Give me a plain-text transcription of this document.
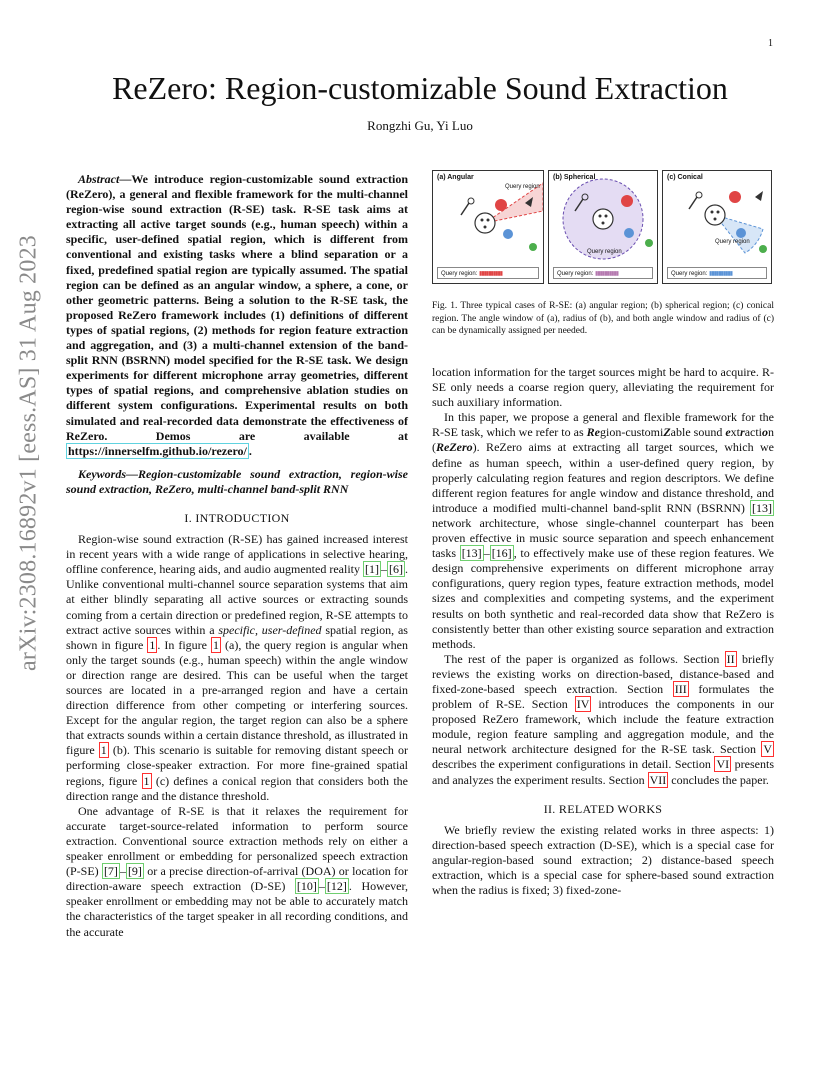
1
arXiv:2308.16892v1 [eess.AS] 31 Aug 2023
ReZero: Region-customizable Sound Extraction
Rongzhi Gu, Yi Luo

Abstract—We introduce region-customizable sound extraction (ReZero), a general and flexible framework for the multi-channel region-wise sound extraction (R-SE) task. R-SE task aims at extracting all active target sounds (e.g., human speech) within a specific, user-defined spatial region, which is different from conventional and existing tasks where a blind separation or a fixed, predefined spatial region are typically assumed. The spatial region can be defined as an angular window, a sphere, a cone, or other geometric patterns. Being a solution to the R-SE task, the proposed ReZero framework includes (1) definitions of different types of spatial regions, (2) methods for region feature extraction and aggregation, and (3) a multi-channel extension of the band-split RNN (BSRNN) model specified for the R-SE task. We design experiments for different microphone array geometries, different types of spatial regions, and comprehensive ablation studies on different system configurations. Experimental results on both simulated and real-recorded data demonstrate the effectiveness of ReZero. Demos are available at https://innerselfm.github.io/rezero/ .

Keywords—Region-customizable sound extraction, region-wise sound extraction, ReZero, multi-channel band-split RNN

I. INTRODUCTION

Region-wise sound extraction (R-SE) has gained increased interest in recent years with a wide range of applications in selective hearing, offline conference, hearing aids, and audio augmented reality [1] – [6] . Unlike conventional multi-channel source separation systems that aim at either blindly separating all active sources or extracting sounds coming from a certain direction or predefined region, R-SE attempts to extract active sources within a specific, user-defined spatial region, as shown in figure 1 . In figure 1 (a), the query region is angular when only the target sounds (e.g., human speech) within the angle window or direction range are desired. This can be useful when the target sources are located in a pre-arranged region and have a certain direction difference from other competing or interfering sources. Except for the angular region, the target region can also be a sphere that extracts sounds within a certain distance threshold, as illustrated in figure 1 (b). This scenario is suitable for removing distant speech or performing close-speaker extraction. For more fine-grained spatial regions, figure 1 (c) defines a conical region that considers both the direction range and the distance threshold.

One advantage of R-SE is that it relaxes the requirement for accurate target-source-related information to perform source extraction. Conventional source extraction methods rely on either a speaker enrollment or embedding for personalized speech extraction (P-SE) [7] – [9] or a precise direction-of-arrival (DOA) or location for direction-aware speech extraction (D-SE) [10] – [12] . However, speaker enrollment or embedding may not be able to accurately match the characteristics of the target speaker in all recording conditions, and the accurate

(a) Angular
Query region
Query region: ▮▮▮▮▮▮▮▮▮▮
(b) Spherical
Query region
Query region: ▮▮▮▮▮▮▮▮▮▮
(c) Conical
Query region
Query region: ▮▮▮▮▮▮▮▮▮▮
Fig. 1. Three typical cases of R-SE: (a) angular region; (b) spherical region; (c) conical region. The angle window of (a), radius of (b), and both angle window and radius of (c) can be dynamically assigned per needed.

location information for the target sources might be hard to acquire. R-SE only needs a coarse region query, alleviating the requirement for such auxiliary information.

In this paper, we propose a general and flexible framework for the R-SE task, which we refer to as Region-customiZable sound extraction (ReZero). ReZero aims at extracting all target sources, which we define as human speech, within a user-defined query region, by properly calculating region features and region descriptors. We define different region features for angle window and distance threshold, and introduce a modified multi-channel band-split RNN (BSRNN) [13] network architecture, whose single-channel counterpart has been proven effective in music source separation and speech enhancement tasks [13] – [16] , to effectively make use of these region features. We design comprehensive experiments on different microphone array configurations, query region types, feature extraction methods, model sizes and complexities and competing systems, and the experiment results on both synthetic and real-recorded data show that ReZero is consistently better than other existing source separation and extraction methods.

The rest of the paper is organized as follows. Section II briefly reviews the existing works on direction-based, distance-based and fixed-zone-based speech extraction. Section III formulates the problem of R-SE. Section IV introduces the components in our proposed ReZero framework, which include the feature extraction module, region feature sampling and aggregation module, and the neural network architecture designed for the R-SE task. Section V describes the experiment configurations in detail. Section VI presents and analyzes the experiment results. Section VII concludes the paper.

II. RELATED WORKS

We briefly review the existing related works in three aspects: 1) direction-based speech extraction (D-SE), which is a special case for angular-region-based sound extraction; 2) distance-based speech extraction, which is a special case for sphere-based sound extraction when the radius is fixed; 3) fixed-zone-
